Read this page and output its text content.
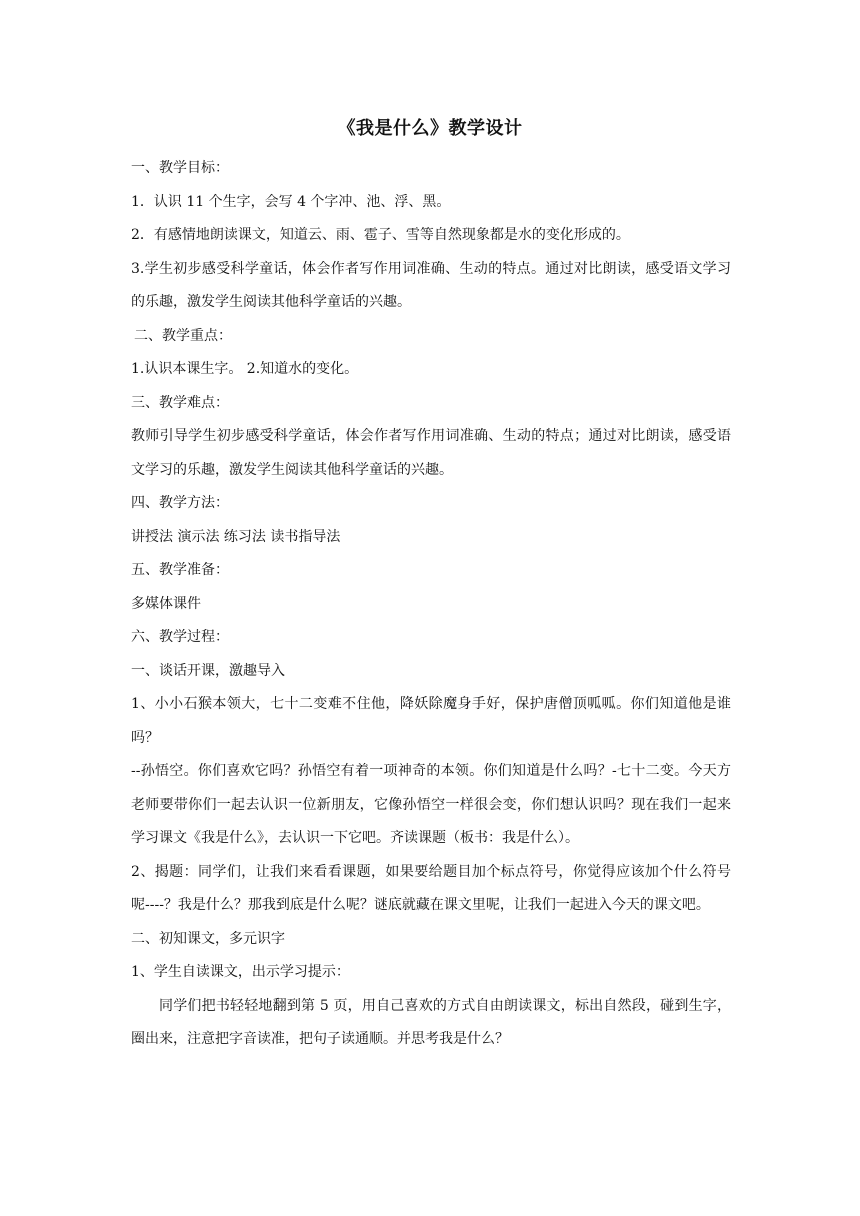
《我是什么》教学设计

一、教学目标：

1．认识 11 个生字，会写 4 个字冲、池、浮、黑。

2．有感情地朗读课文，知道云、雨、雹子、雪等自然现象都是水的变化形成的。

3.学生初步感受科学童话，体会作者写作用词准确、生动的特点。通过对比朗读，感受语文学习的乐趣，激发学生阅读其他科学童话的兴趣。

二、教学重点：

1.认识本课生字。 2.知道水的变化。

三、教学难点：

教师引导学生初步感受科学童话，体会作者写作用词准确、生动的特点；通过对比朗读，感受语文学习的乐趣，激发学生阅读其他科学童话的兴趣。

四、教学方法：

讲授法 演示法 练习法 读书指导法

五、教学准备：

多媒体课件

六、教学过程：

一、谈话开课，激趣导入

1、小小石猴本领大，七十二变难不住他，降妖除魔身手好，保护唐僧顶呱呱。你们知道他是谁吗？

--孙悟空。你们喜欢它吗？孙悟空有着一项神奇的本领。你们知道是什么吗？-七十二变。今天方老师要带你们一起去认识一位新朋友，它像孙悟空一样很会变，你们想认识吗？现在我们一起来学习课文《我是什么》，去认识一下它吧。齐读课题（板书：我是什么）。

2、揭题：同学们，让我们来看看课题，如果要给题目加个标点符号，你觉得应该加个什么符号呢----？我是什么？那我到底是什么呢？谜底就藏在课文里呢，让我们一起进入今天的课文吧。

二、初知课文，多元识字

1、学生自读课文，出示学习提示：

同学们把书轻轻地翻到第 5 页，用自己喜欢的方式自由朗读课文，标出自然段，碰到生字，圈出来，注意把字音读准，把句子读通顺。并思考我是什么？
